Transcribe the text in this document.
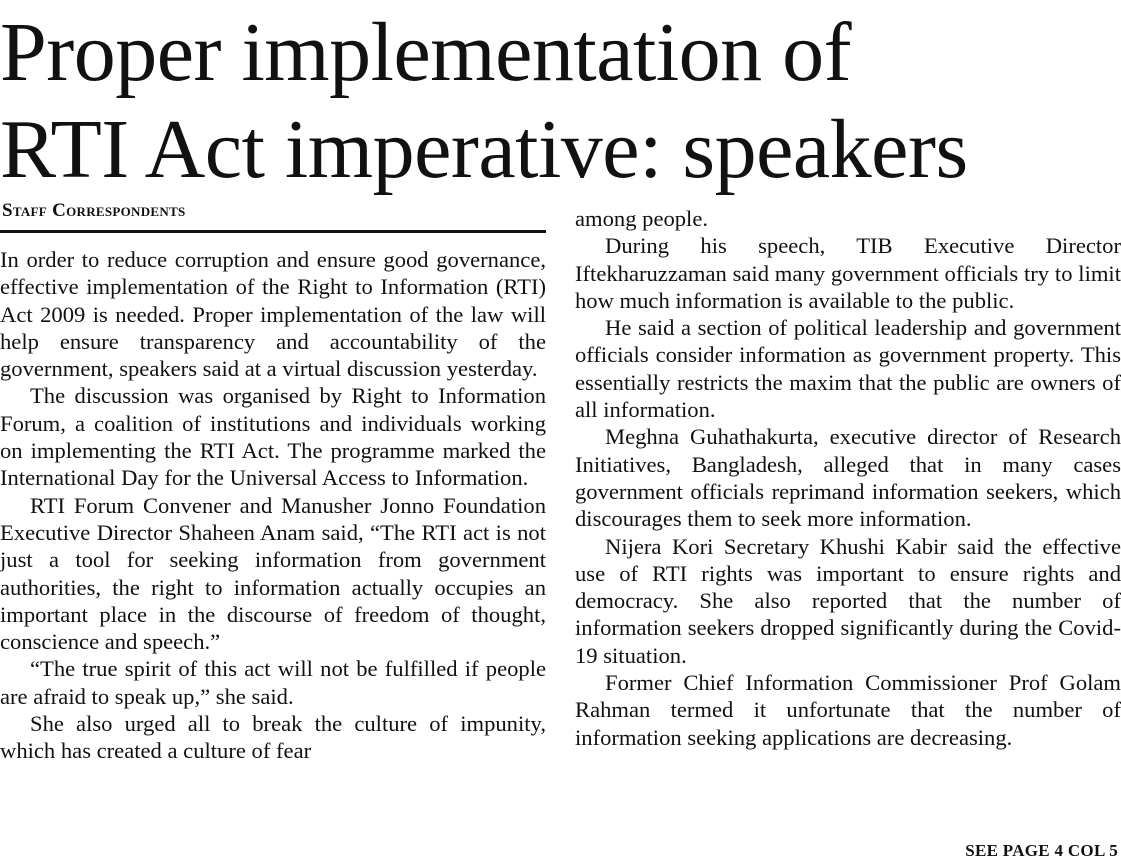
Proper implementation of
RTI Act imperative: speakers
Staff Correspondents

In order to reduce corruption and ensure good governance, effective implementation of the Right to Information (RTI) Act 2009 is needed. Proper implementation of the law will help ensure transparency and accountability of the government, speakers said at a virtual discussion yesterday.

The discussion was organised by Right to Information Forum, a coalition of institutions and individuals working on implementing the RTI Act. The programme marked the International Day for the Universal Access to Information.

RTI Forum Convener and Manusher Jonno Foundation Executive Director Shaheen Anam said, “The RTI act is not just a tool for seeking information from government authorities, the right to information actually occupies an important place in the discourse of freedom of thought, conscience and speech.”

“The true spirit of this act will not be fulfilled if people are afraid to speak up,” she said.

She also urged all to break the culture of impunity, which has created a culture of fear

among people.

During his speech, TIB Executive Director Iftekharuzzaman said many government officials try to limit how much information is available to the public.

He said a section of political leadership and government officials consider information as government property. This essentially restricts the maxim that the public are owners of all information.

Meghna Guhathakurta, executive director of Research Initiatives, Bangladesh, alleged that in many cases government officials reprimand information seekers, which discourages them to seek more information.

Nijera Kori Secretary Khushi Kabir said the effective use of RTI rights was important to ensure rights and democracy. She also reported that the number of information seekers dropped significantly during the Covid-19 situation.

Former Chief Information Commissioner Prof Golam Rahman termed it unfortunate that the number of information seeking applications are decreasing.

SEE PAGE 4 COL 5
